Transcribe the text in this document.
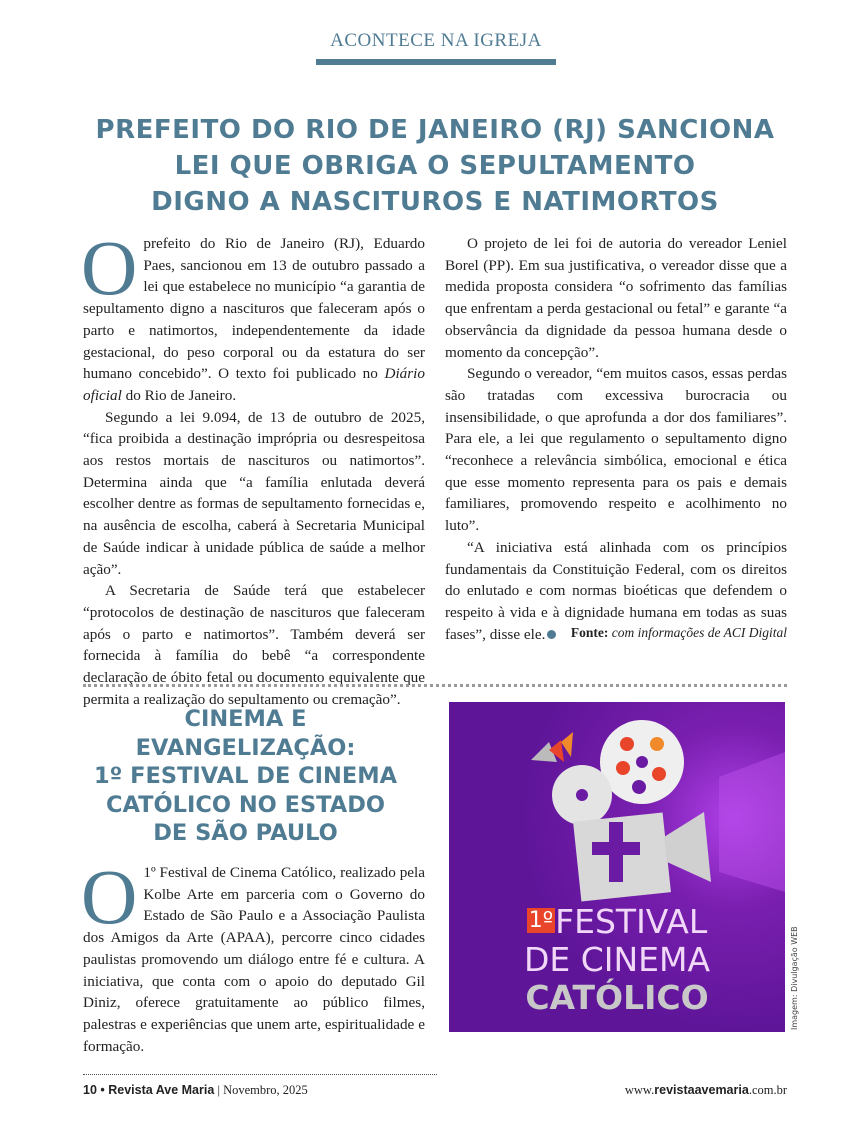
ACONTECE NA IGREJA
PREFEITO DO RIO DE JANEIRO (RJ) SANCIONA
LEI QUE OBRIGA O SEPULTAMENTO
DIGNO A NASCITUROS E NATIMORTOS

O prefeito do Rio de Janeiro (RJ), Eduardo Paes, sancionou em 13 de outubro passado a lei que estabelece no município “a garantia de sepultamento digno a nascituros que faleceram após o parto e natimortos, independentemente da idade gestacional, do peso corporal ou da estatura do ser humano concebido”. O texto foi publicado no Diário oficial do Rio de Janeiro.

Segundo a lei 9.094, de 13 de outubro de 2025, “fica proibida a destinação imprópria ou desrespeitosa aos restos mortais de nascituros ou natimortos”. Determina ainda que “a família enlutada deverá escolher dentre as formas de sepultamento fornecidas e, na ausência de escolha, caberá à Secretaria Municipal de Saúde indicar à unidade pública de saúde a melhor ação”.

A Secretaria de Saúde terá que estabelecer “protocolos de destinação de nascituros que faleceram após o parto e natimortos”. Também deverá ser fornecida à família do bebê “a correspondente declaração de óbito fetal ou documento equivalente que permita a realização do sepultamento ou cremação”.

O projeto de lei foi de autoria do vereador Leniel Borel (PP). Em sua justificativa, o vereador disse que a medida proposta considera “o sofrimento das famílias que enfrentam a perda gestacional ou fetal” e garante “a observância da dignidade da pessoa humana desde o momento da concepção”.

Segundo o vereador, “em muitos casos, essas perdas são tratadas com excessiva burocracia ou insensibilidade, o que aprofunda a dor dos familiares”. Para ele, a lei que regulamento o sepultamento digno “reconhece a relevância simbólica, emocional e ética que esse momento representa para os pais e demais familiares, promovendo respeito e acolhimento no luto”.

“A iniciativa está alinhada com os princípios fundamentais da Constituição Federal, com os direitos do enlutado e com normas bioéticas que defendem o respeito à vida e à dignidade humana em todas as suas fases”, disse ele.	Fonte: com informações de ACI Digital
CINEMA E
EVANGELIZAÇÃO:
1º FESTIVAL DE CINEMA
CATÓLICO NO ESTADO
DE SÃO PAULO

O 1º Festival de Cinema Católico, realizado pela Kolbe Arte em parceria com o Governo do Estado de São Paulo e a Associação Paulista dos Amigos da Arte (APAA), percorre cinco cidades paulistas promovendo um diálogo entre fé e cultura. A iniciativa, que conta com o apoio do deputado Gil Diniz, oferece gratuitamente ao público filmes, palestras e experiências que unem arte, espiritualidade e formação.

1ºFESTIVAL
DE CINEMA
CATÓLICO	Imagem: Divulgação WEB
10 • Revista Ave Maria | Novembro, 2025	www.revistaavemaria.com.br
